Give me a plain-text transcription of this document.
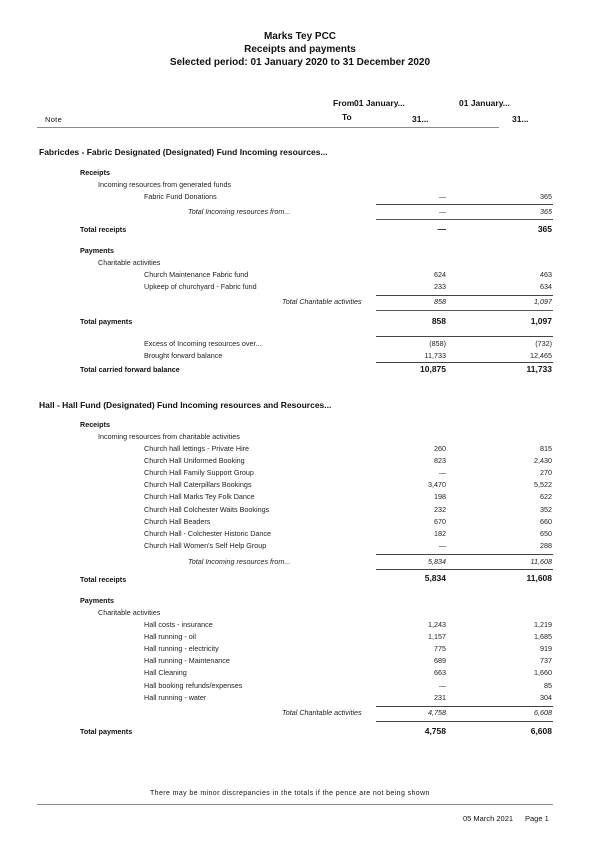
Marks Tey PCC
Receipts and payments
Selected period: 01 January 2020 to 31 December 2020
From 01 January...	01 January...
Note	To	31...	31...
Fabricdes - Fabric Designated (Designated) Fund Incoming resources...
Receipts
Incoming resources from generated funds
Fabric Fund Donations	—	365
Total Incoming resources from...	—	365
Total receipts	—	365
Payments
Charitable activities
Church Maintenance Fabric fund	624	463
Upkeep of churchyard - Fabric fund	233	634
Total Charitable activities	858	1,097
Total payments	858	1,097
Excess of Incoming resources over...	(858)	(732)
Brought forward balance	11,733	12,465
Total carried forward balance	10,875	11,733
Hall - Hall Fund (Designated) Fund Incoming resources and Resources...
Receipts
Incoming resources from charitable activities
Church hall lettings - Private Hire	260	815
Church Hall Uniformed Booking	823	2,430
Church Hall Family Support Group	—	270
Church Hall Caterpillars Bookings	3,470	5,522
Church Hall Marks Tey Folk Dance	198	622
Church Hall Colchester Waits Bookings	232	352
Church Hall Beaders	670	660
Church Hall - Colchester Historic Dance	182	650
Church Hall Women's Self Help Group	—	288
Total Incoming resources from...	5,834	11,608
Total receipts	5,834	11,608
Payments
Charitable activities
Hall costs - insurance	1,243	1,219
Hall running - oil	1,157	1,685
Hall running - electricity	775	919
Hall running - Maintenance	689	737
Hall Cleaning	663	1,660
Hall booking refunds/expenses	—	85
Hall running - water	231	304
Total Charitable activities	4,758	6,608
Total payments	4,758	6,608
There may be minor discrepancies in the totals if the pence are not being shown
05 March 2021 Page 1
